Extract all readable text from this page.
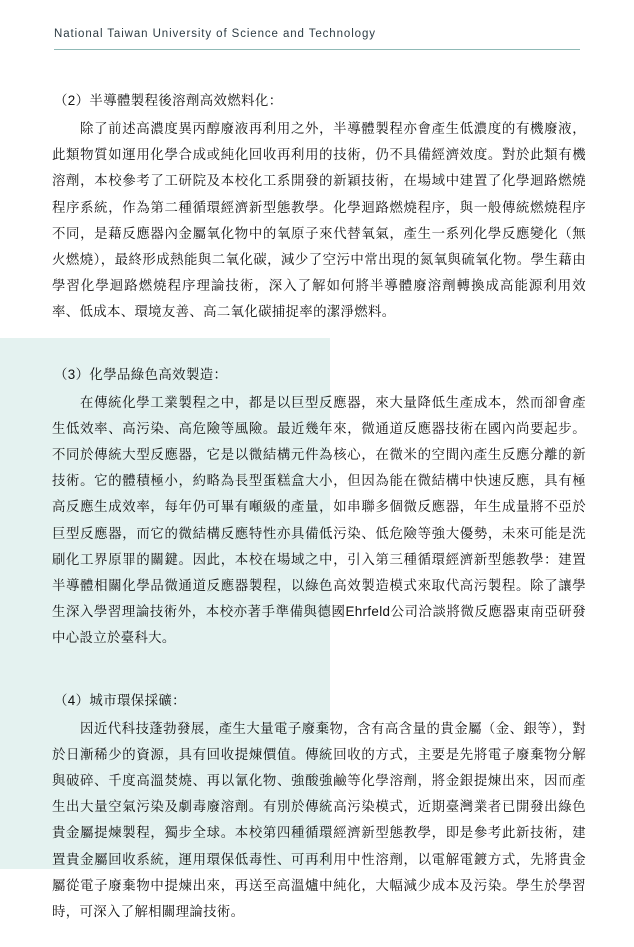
National Taiwan University of Science and Technology
（2）半導體製程後溶劑高效燃料化：
除了前述高濃度異丙醇廢液再利用之外，半導體製程亦會產生低濃度的有機廢液，此類物質如運用化學合成或純化回收再利用的技術，仍不具備經濟效度。對於此類有機溶劑，本校參考了工研院及本校化工系開發的新穎技術，在場域中建置了化學迴路燃燒程序系統，作為第二種循環經濟新型態教學。化學迴路燃燒程序，與一般傳統燃燒程序不同，是藉反應器內金屬氧化物中的氧原子來代替氧氣，產生一系列化學反應變化（無火燃燒），最終形成熱能與二氧化碳，減少了空污中常出現的氮氧與硫氧化物。學生藉由學習化學迴路燃燒程序理論技術，深入了解如何將半導體廢溶劑轉換成高能源利用效率、低成本、環境友善、高二氧化碳捕捉率的潔淨燃料。
（3）化學品綠色高效製造：
在傳統化學工業製程之中，都是以巨型反應器，來大量降低生產成本，然而卻會產生低效率、高污染、高危險等風險。最近幾年來，微通道反應器技術在國內尚要起步。不同於傳統大型反應器，它是以微結構元件為核心，在微米的空間內產生反應分離的新技術。它的體積極小，約略為長型蛋糕盒大小，但因為能在微結構中快速反應，具有極高反應生成效率，每年仍可畢有噸級的產量，如串聯多個微反應器，年生成量將不亞於巨型反應器，而它的微結構反應特性亦具備低污染、低危險等強大優勢，未來可能是洗刷化工界原罪的關鍵。因此，本校在場域之中，引入第三種循環經濟新型態教學：建置半導體相關化學品微通道反應器製程，以綠色高效製造模式來取代高污製程。除了讓學生深入學習理論技術外，本校亦著手準備與德國Ehrfeld公司洽談將微反應器東南亞研發中心設立於臺科大。
（4）城市環保採礦：
因近代科技蓬勃發展，產生大量電子廢棄物，含有高含量的貴金屬（金、銀等），對於日漸稀少的資源，具有回收提煉價值。傳統回收的方式，主要是先將電子廢棄物分解與破碎、千度高溫焚燒、再以氰化物、強酸強鹼等化學溶劑，將金銀提煉出來，因而產生出大量空氣污染及劇毒廢溶劑。有別於傳統高污染模式，近期臺灣業者已開發出綠色貴金屬提煉製程，獨步全球。本校第四種循環經濟新型態教學，即是參考此新技術，建置貴金屬回收系統，運用環保低毒性、可再利用中性溶劑，以電解電鍍方式，先將貴金屬從電子廢棄物中提煉出來，再送至高溫爐中純化，大幅減少成本及污染。學生於學習時，可深入了解相關理論技術。
